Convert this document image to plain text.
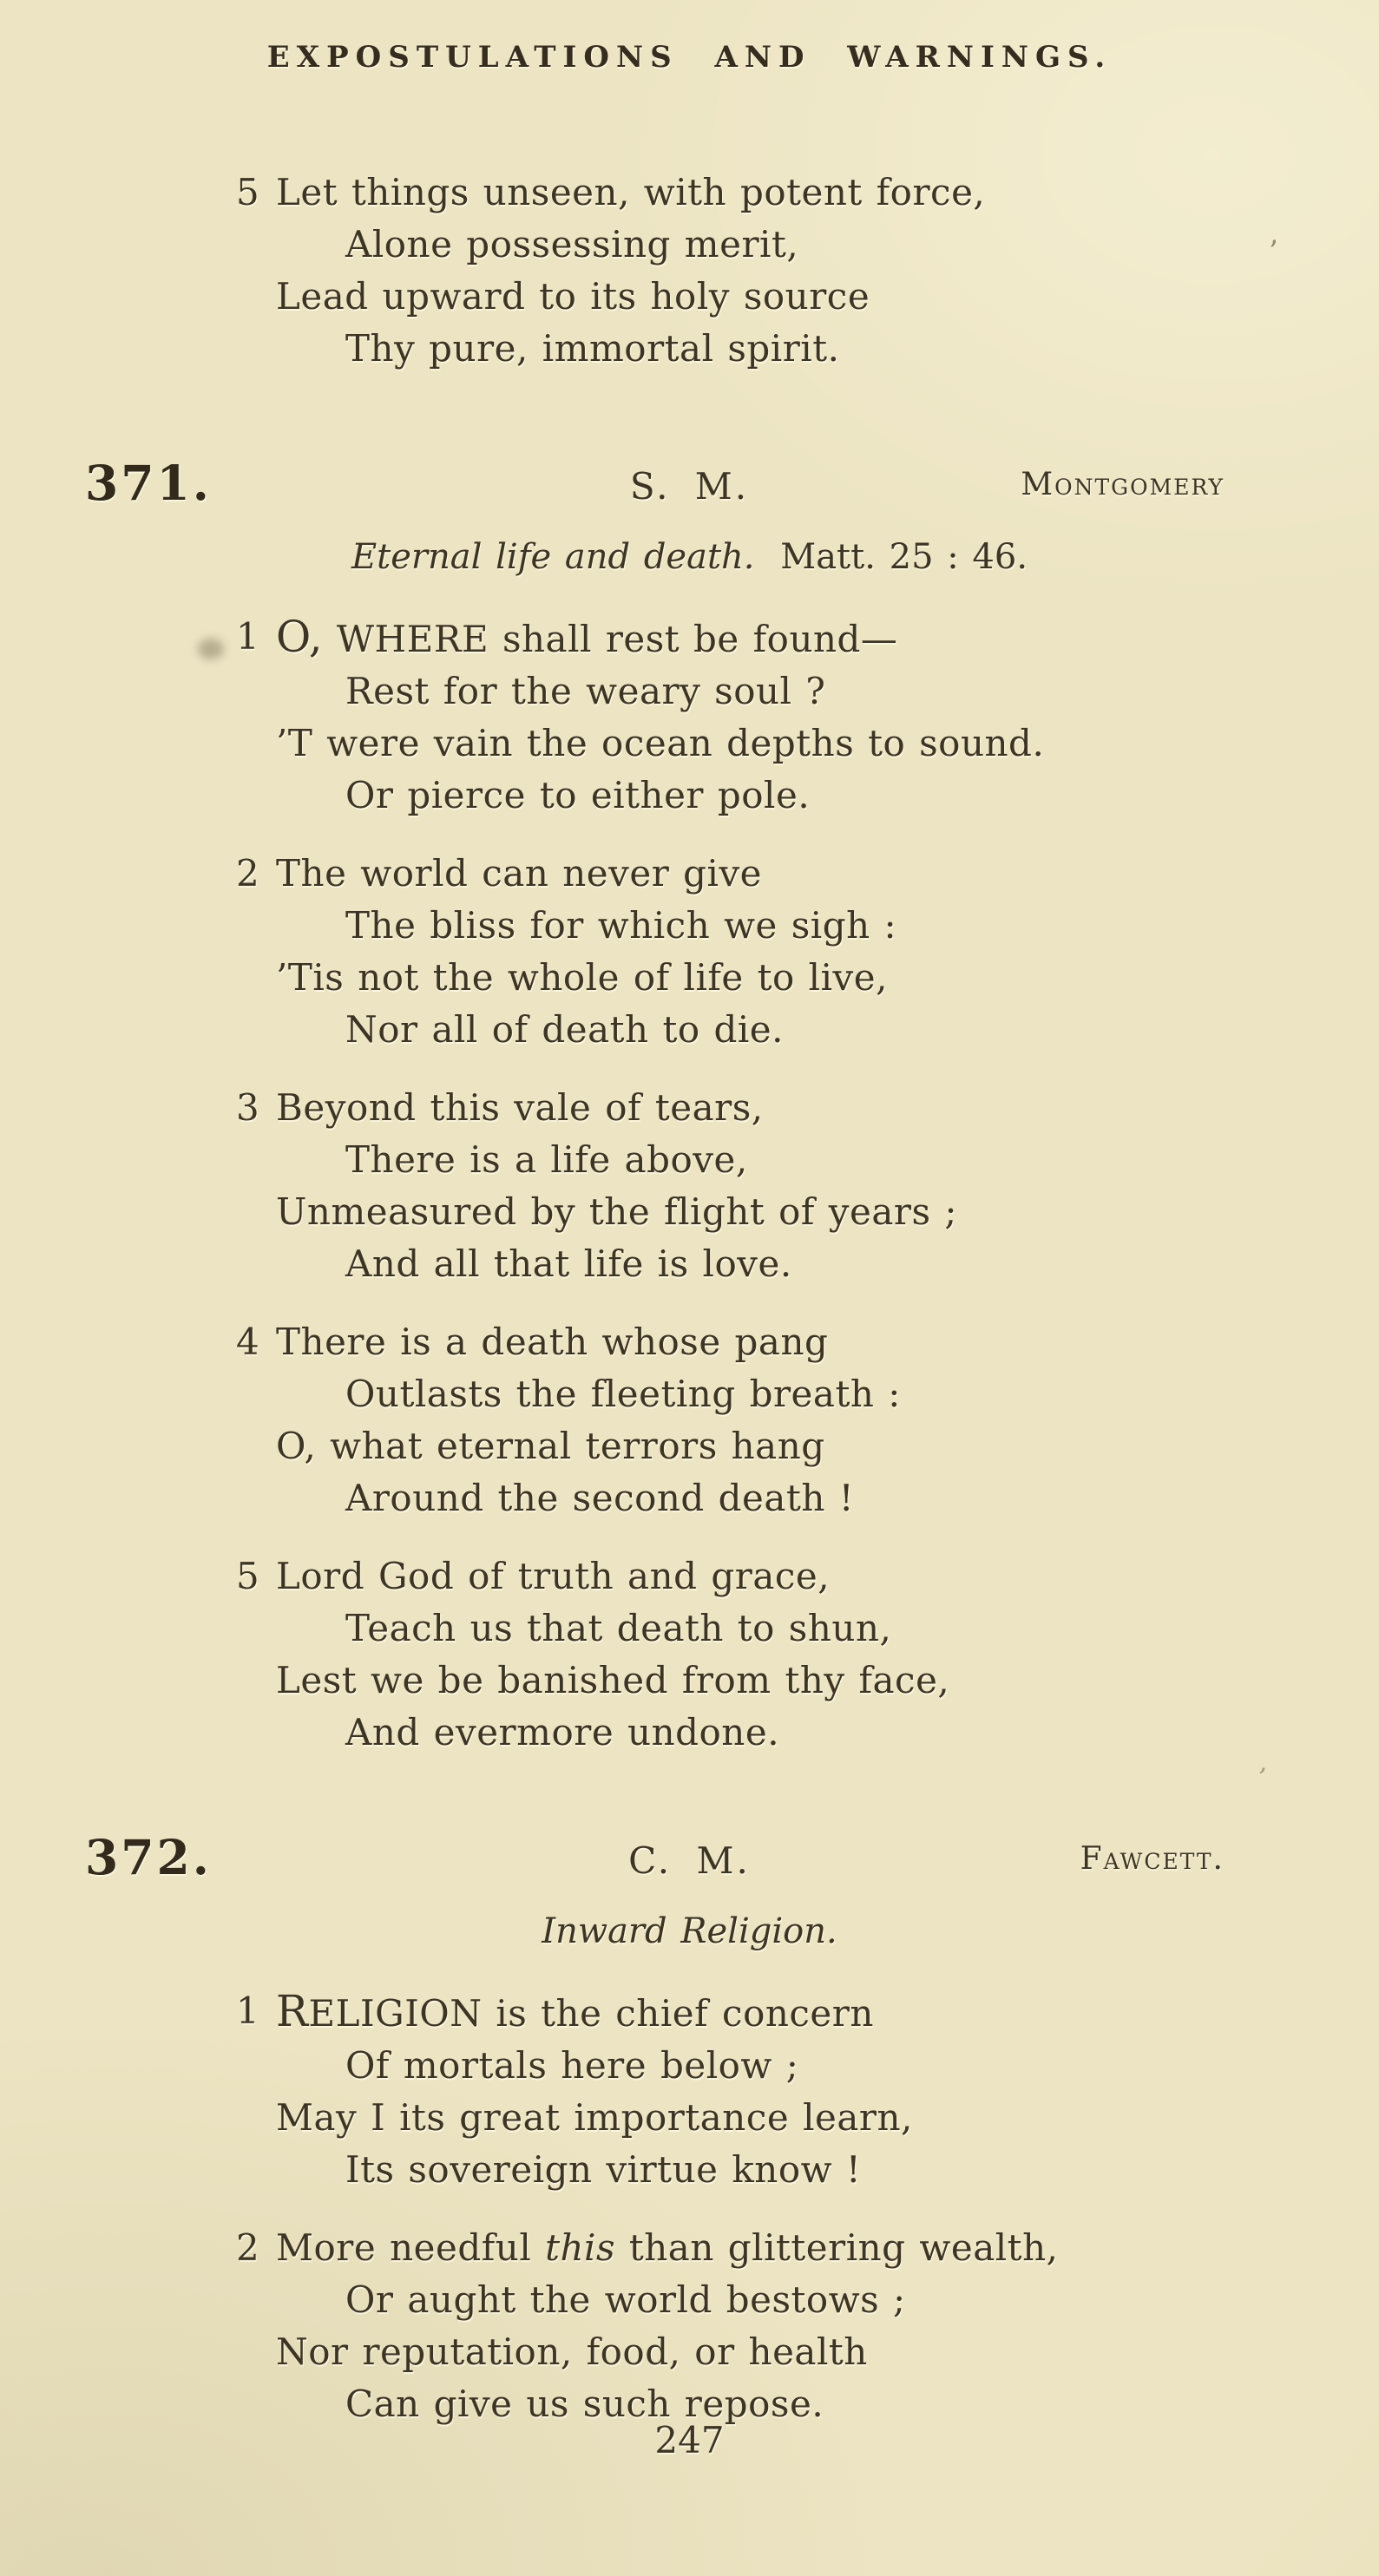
EXPOSTULATIONS AND WARNINGS.
5 Let things unseen, with potent force,
Alone possessing merit,
Lead upward to its holy source
Thy pure, immortal spirit.
371.	S. M.	Montgomery
Eternal life and death. Matt. 25 : 46.
1 O, WHERE shall rest be found—
Rest for the weary soul ?
’T were vain the ocean depths to sound.
Or pierce to either pole.
2 The world can never give
The bliss for which we sigh :
’Tis not the whole of life to live,
Nor all of death to die.
3 Beyond this vale of tears,
There is a life above,
Unmeasured by the flight of years ;
And all that life is love.
4 There is a death whose pang
Outlasts the fleeting breath :
O, what eternal terrors hang
Around the second death !
5 Lord God of truth and grace,
Teach us that death to shun,
Lest we be banished from thy face,
And evermore undone.
372.	C. M.	Fawcett.
Inward Religion.
1 RELIGION is the chief concern
Of mortals here below ;
May I its great importance learn,
Its sovereign virtue know !
2 More needful this than glittering wealth,
Or aught the world bestows ;
Nor reputation, food, or health
Can give us such repose.
247
’
’
